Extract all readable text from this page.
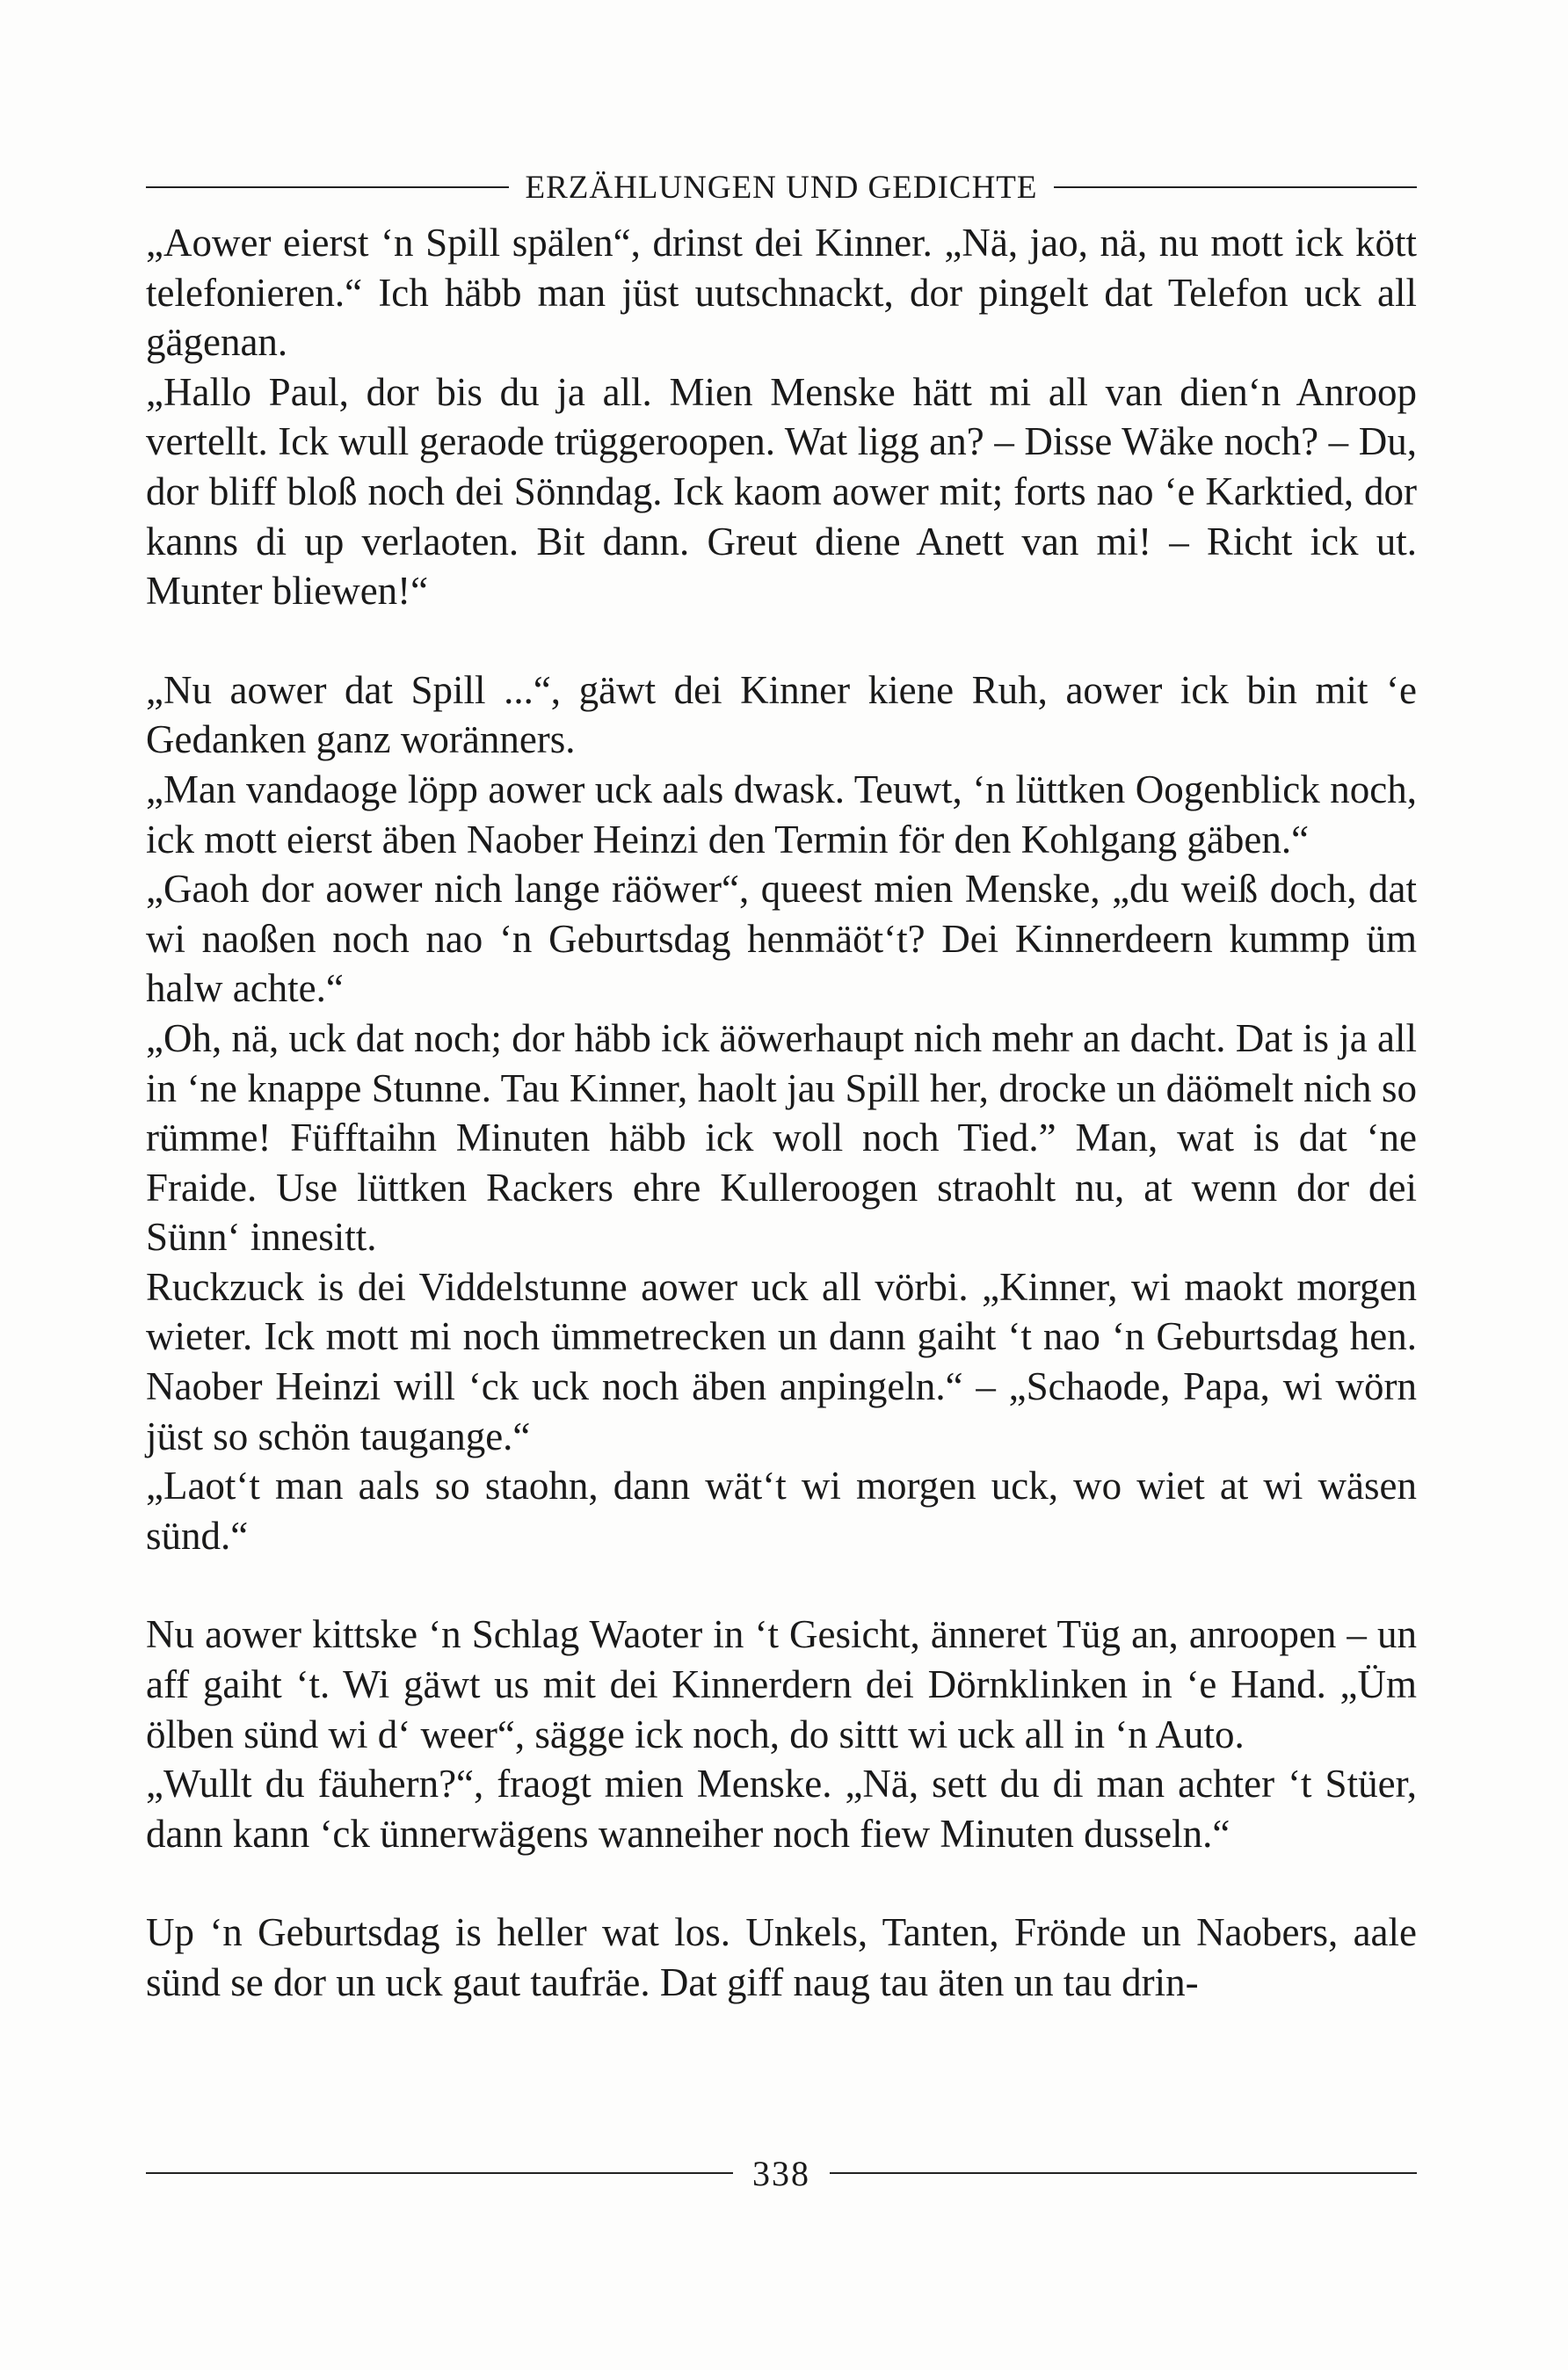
ERZÄHLUNGEN UND GEDICHTE

„Aower eierst ‘n Spill spälen“, drinst dei Kinner. „Nä, jao, nä, nu mott ick kött telefonieren.“ Ich häbb man jüst uutschnackt, dor pingelt dat Telefon uck all gägenan.

„Hallo Paul, dor bis du ja all. Mien Menske hätt mi all van dien‘n Anroop vertellt. Ick wull geraode trüggeroopen. Wat ligg an? – Disse Wäke noch? – Du, dor bliff bloß noch dei Sönndag. Ick kaom aower mit; forts nao ‘e Karktied, dor kanns di up verlaoten. Bit dann. Greut diene Anett van mi! – Richt ick ut. Munter bliewen!“

„Nu aower dat Spill ...“, gäwt dei Kinner kiene Ruh, aower ick bin mit ‘e Gedanken ganz woränners.

„Man vandaoge löpp aower uck aals dwask. Teuwt, ‘n lüttken Oogenblick noch, ick mott eierst äben Naober Heinzi den Termin för den Kohlgang gäben.“

„Gaoh dor aower nich lange räöwer“, queest mien Menske, „du weiß doch, dat wi naoßen noch nao ‘n Geburtsdag henmäöt‘t? Dei Kinnerdeern kummp üm halw achte.“

„Oh, nä, uck dat noch; dor häbb ick äöwerhaupt nich mehr an dacht. Dat is ja all in ‘ne knappe Stunne. Tau Kinner, haolt jau Spill her, drocke un däömelt nich so rümme! Füfftaihn Minuten häbb ick woll noch Tied.” Man, wat is dat ‘ne Fraide. Use lüttken Rackers ehre Kulleroogen straohlt nu, at wenn dor dei Sünn‘ innesitt.

Ruckzuck is dei Viddelstunne aower uck all vörbi. „Kinner, wi maokt morgen wieter. Ick mott mi noch ümmetrecken un dann gaiht ‘t nao ‘n Geburtsdag hen. Naober Heinzi will ‘ck uck noch äben anpingeln.“ – „Schaode, Papa, wi wörn jüst so schön taugange.“

„Laot‘t man aals so staohn, dann wät‘t wi morgen uck, wo wiet at wi wäsen sünd.“

Nu aower kittske ‘n Schlag Waoter in ‘t Gesicht, änneret Tüg an, anroopen – un aff gaiht ‘t. Wi gäwt us mit dei Kinnerdern dei Dörnklinken in ‘e Hand. „Üm ölben sünd wi d‘ weer“, sägge ick noch, do sittt wi uck all in ‘n Auto.

„Wullt du fäuhern?“, fraogt mien Menske. „Nä, sett du di man achter ‘t Stüer, dann kann ‘ck ünnerwägens wanneiher noch fiew Minuten dusseln.“

Up ‘n Geburtsdag is heller wat los. Unkels, Tanten, Frönde un Naobers, aale sünd se dor un uck gaut taufräe. Dat giff naug tau äten un tau drin-

338
